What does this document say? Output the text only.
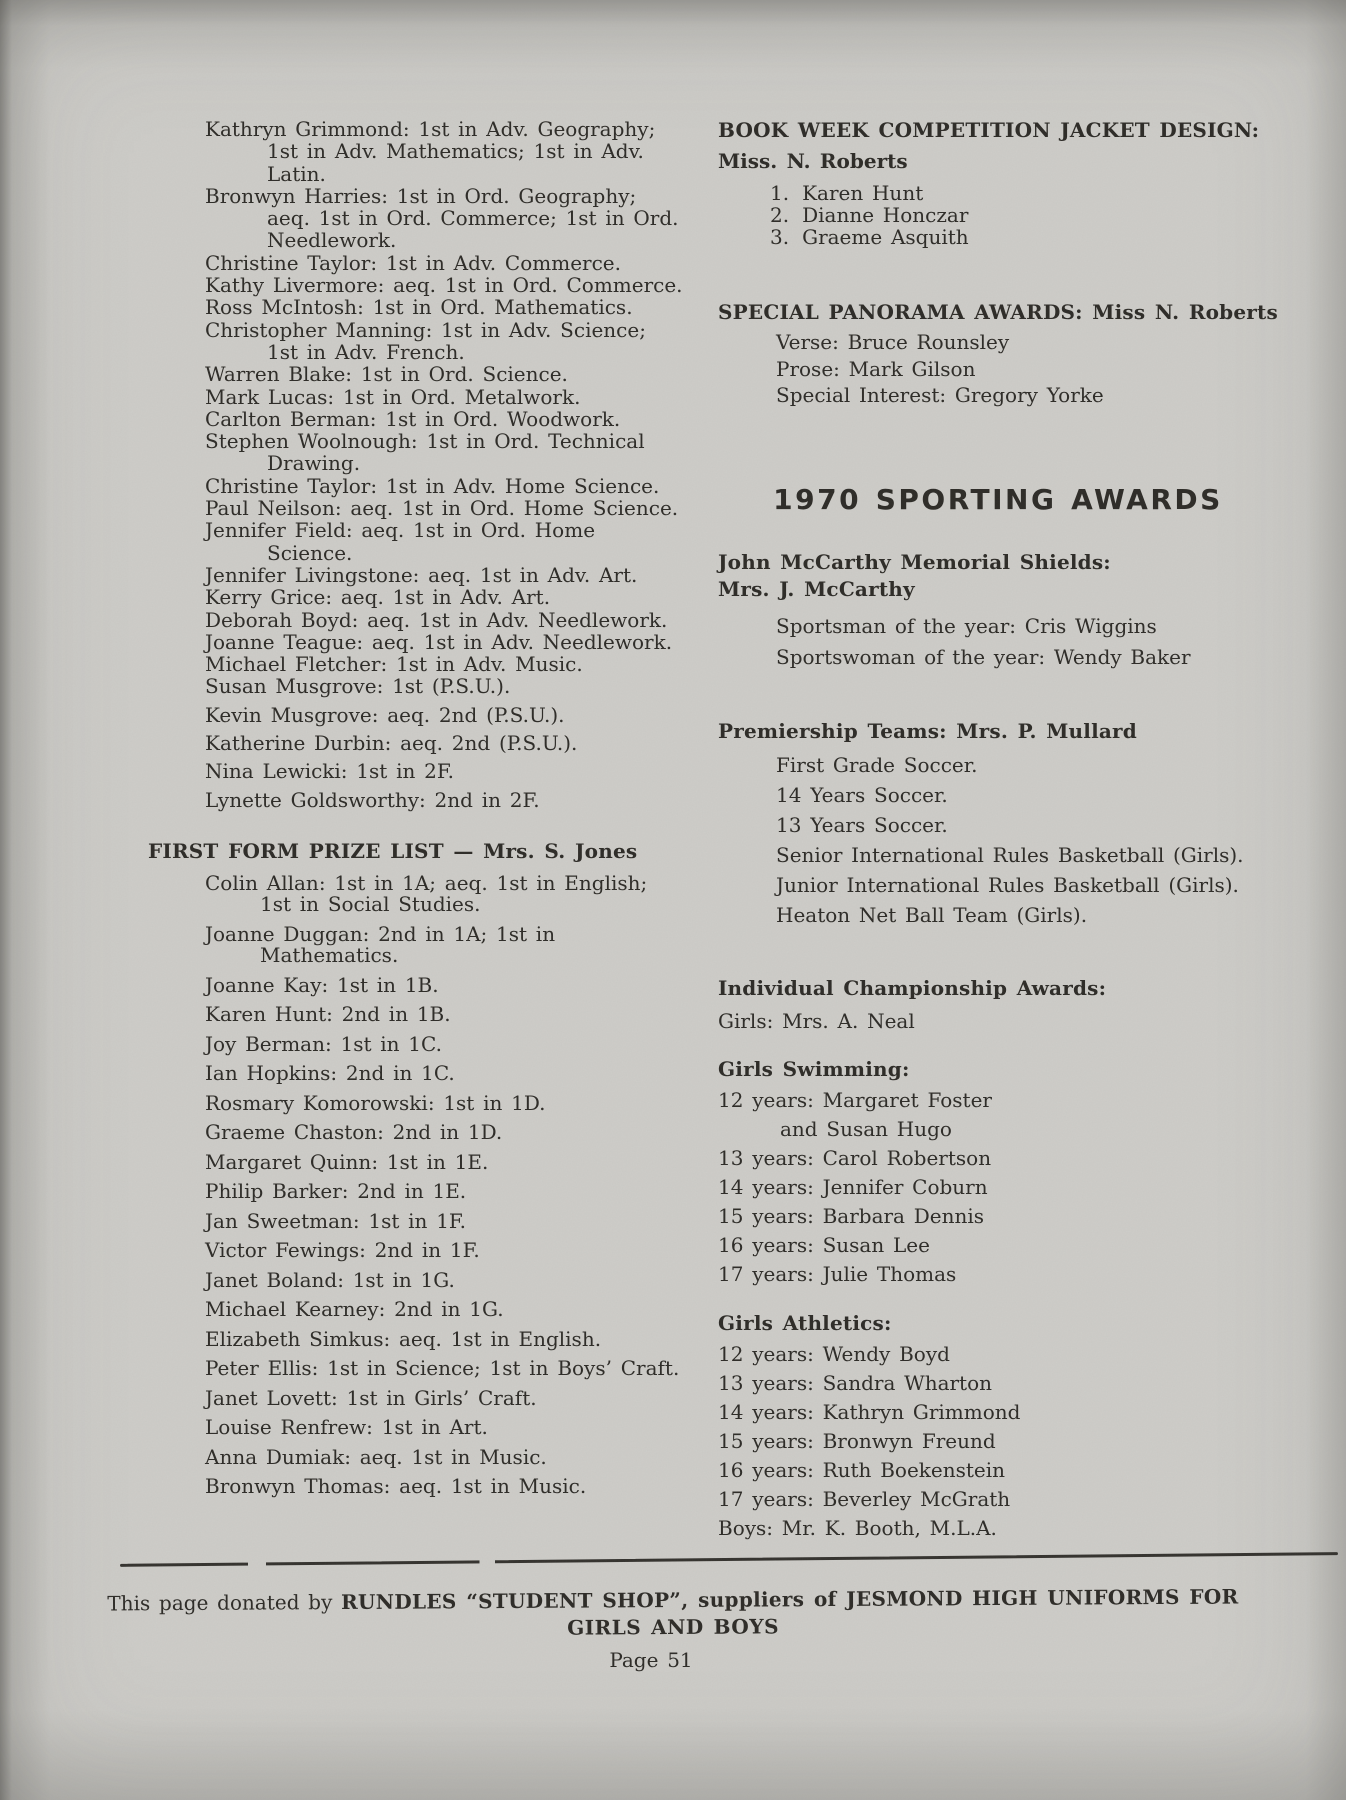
Kathryn Grimmond: 1st in Adv. Geography;
1st in Adv. Mathematics; 1st in Adv.
Latin.
Bronwyn Harries: 1st in Ord. Geography;
aeq. 1st in Ord. Commerce; 1st in Ord.
Needlework.
Christine Taylor: 1st in Adv. Commerce.
Kathy Livermore: aeq. 1st in Ord. Commerce.
Ross McIntosh: 1st in Ord. Mathematics.
Christopher Manning: 1st in Adv. Science;
1st in Adv. French.
Warren Blake: 1st in Ord. Science.
Mark Lucas: 1st in Ord. Metalwork.
Carlton Berman: 1st in Ord. Woodwork.
Stephen Woolnough: 1st in Ord. Technical
Drawing.
Christine Taylor: 1st in Adv. Home Science.
Paul Neilson: aeq. 1st in Ord. Home Science.
Jennifer Field: aeq. 1st in Ord. Home
Science.
Jennifer Livingstone: aeq. 1st in Adv. Art.
Kerry Grice: aeq. 1st in Adv. Art.
Deborah Boyd: aeq. 1st in Adv. Needlework.
Joanne Teague: aeq. 1st in Adv. Needlework.
Michael Fletcher: 1st in Adv. Music.
Susan Musgrove: 1st (P.S.U.).
Kevin Musgrove: aeq. 2nd (P.S.U.).
Katherine Durbin: aeq. 2nd (P.S.U.).
Nina Lewicki: 1st in 2F.
Lynette Goldsworthy: 2nd in 2F.
FIRST FORM PRIZE LIST — Mrs. S. Jones
Colin Allan: 1st in 1A; aeq. 1st in English;
1st in Social Studies.
Joanne Duggan: 2nd in 1A; 1st in
Mathematics.
Joanne Kay: 1st in 1B.
Karen Hunt: 2nd in 1B.
Joy Berman: 1st in 1C.
Ian Hopkins: 2nd in 1C.
Rosmary Komorowski: 1st in 1D.
Graeme Chaston: 2nd in 1D.
Margaret Quinn: 1st in 1E.
Philip Barker: 2nd in 1E.
Jan Sweetman: 1st in 1F.
Victor Fewings: 2nd in 1F.
Janet Boland: 1st in 1G.
Michael Kearney: 2nd in 1G.
Elizabeth Simkus: aeq. 1st in English.
Peter Ellis: 1st in Science; 1st in Boys’ Craft.
Janet Lovett: 1st in Girls’ Craft.
Louise Renfrew: 1st in Art.
Anna Dumiak: aeq. 1st in Music.
Bronwyn Thomas: aeq. 1st in Music.
BOOK WEEK COMPETITION JACKET DESIGN:
Miss. N. Roberts
Karen Hunt
Dianne Honczar
Graeme Asquith
SPECIAL PANORAMA AWARDS: Miss N. Roberts
Verse: Bruce Rounsley
Prose: Mark Gilson
Special Interest: Gregory Yorke
1970 SPORTING AWARDS
John McCarthy Memorial Shields:
Mrs. J. McCarthy
Sportsman of the year: Cris Wiggins
Sportswoman of the year: Wendy Baker
Premiership Teams: Mrs. P. Mullard
First Grade Soccer.
14 Years Soccer.
13 Years Soccer.
Senior International Rules Basketball (Girls).
Junior International Rules Basketball (Girls).
Heaton Net Ball Team (Girls).
Individual Championship Awards:
Girls: Mrs. A. Neal
Girls Swimming:
12 years: Margaret Foster
and Susan Hugo
13 years: Carol Robertson
14 years: Jennifer Coburn
15 years: Barbara Dennis
16 years: Susan Lee
17 years: Julie Thomas
Girls Athletics:
12 years: Wendy Boyd
13 years: Sandra Wharton
14 years: Kathryn Grimmond
15 years: Bronwyn Freund
16 years: Ruth Boekenstein
17 years: Beverley McGrath
Boys: Mr. K. Booth, M.L.A.
This page donated by RUNDLES “STUDENT SHOP”, suppliers of JESMOND HIGH UNIFORMS FOR
GIRLS AND BOYS
Page 51
